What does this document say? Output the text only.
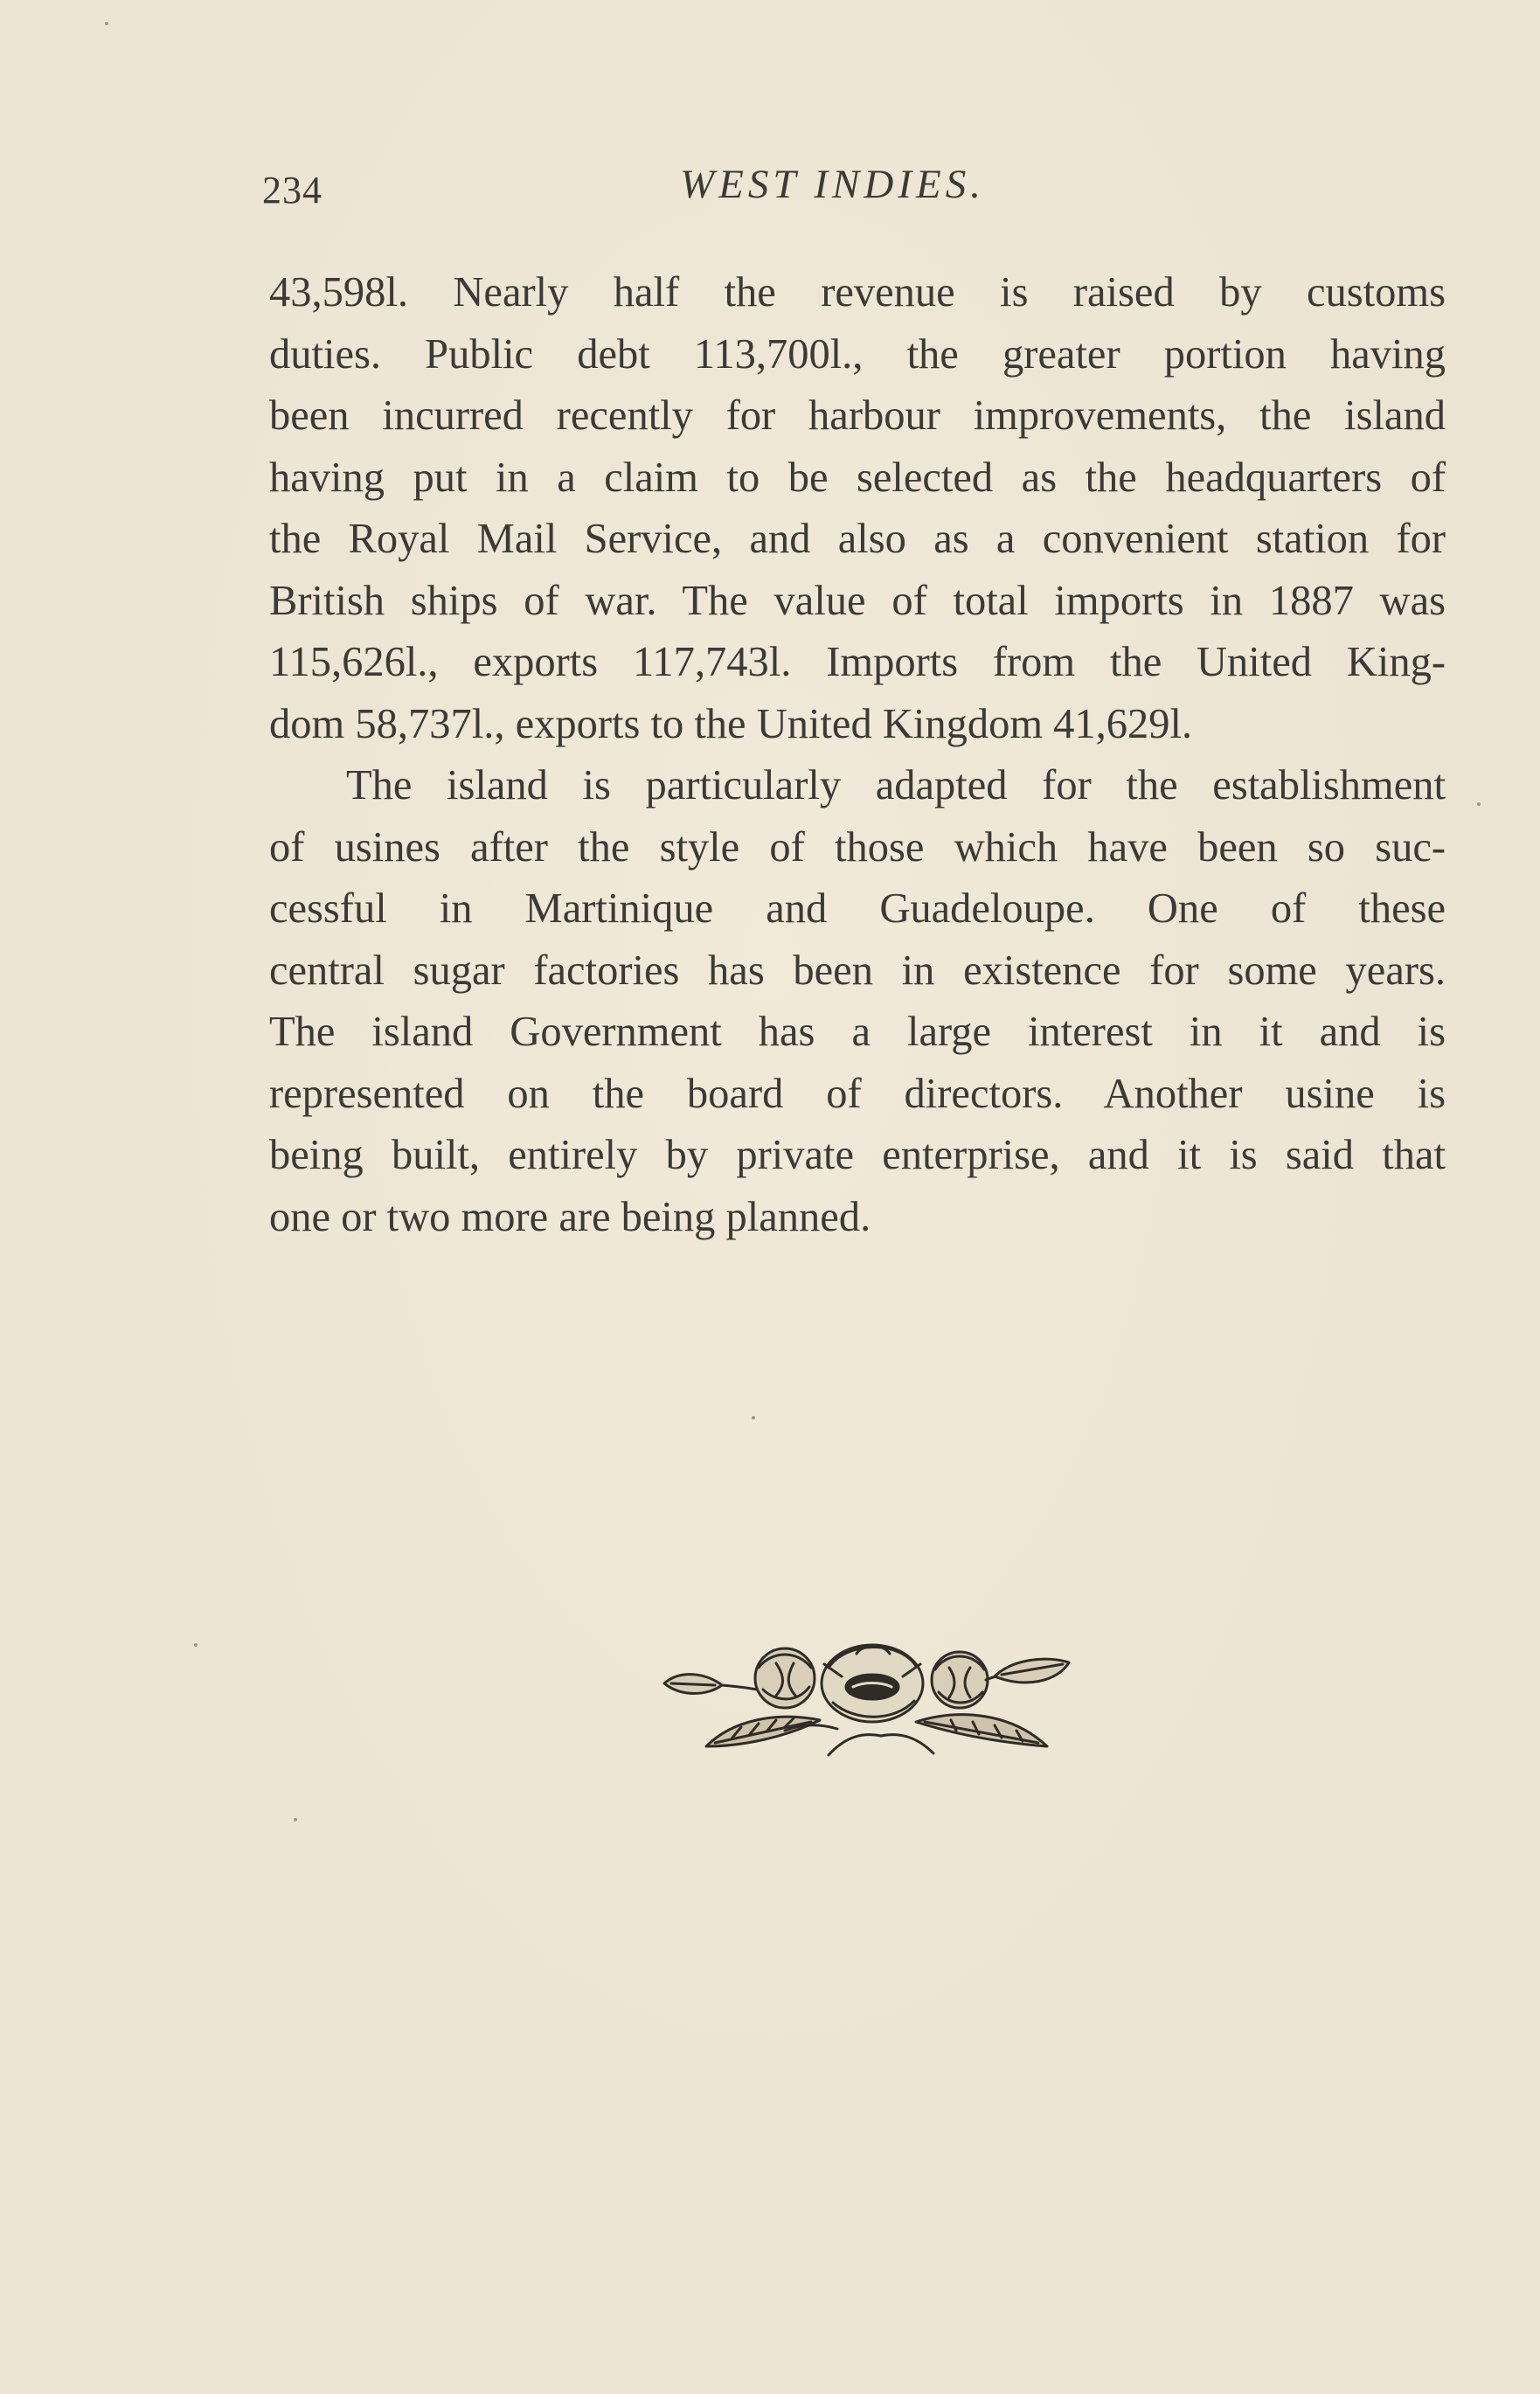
234	WEST INDIES.
43,598l. Nearly half the revenue is raised by customs
duties. Public debt 113,700l., the greater portion having
been incurred recently for harbour improvements, the island
having put in a claim to be selected as the headquarters of
the Royal Mail Service, and also as a convenient station for
British ships of war. The value of total imports in 1887 was
115,626l., exports 117,743l. Imports from the United King-
dom 58,737l., exports to the United Kingdom 41,629l.
The island is particularly adapted for the establishment
of usines after the style of those which have been so suc-
cessful in Martinique and Guadeloupe. One of these
central sugar factories has been in existence for some years.
The island Government has a large interest in it and is
represented on the board of directors. Another usine is
being built, entirely by private enterprise, and it is said that
one or two more are being planned.
